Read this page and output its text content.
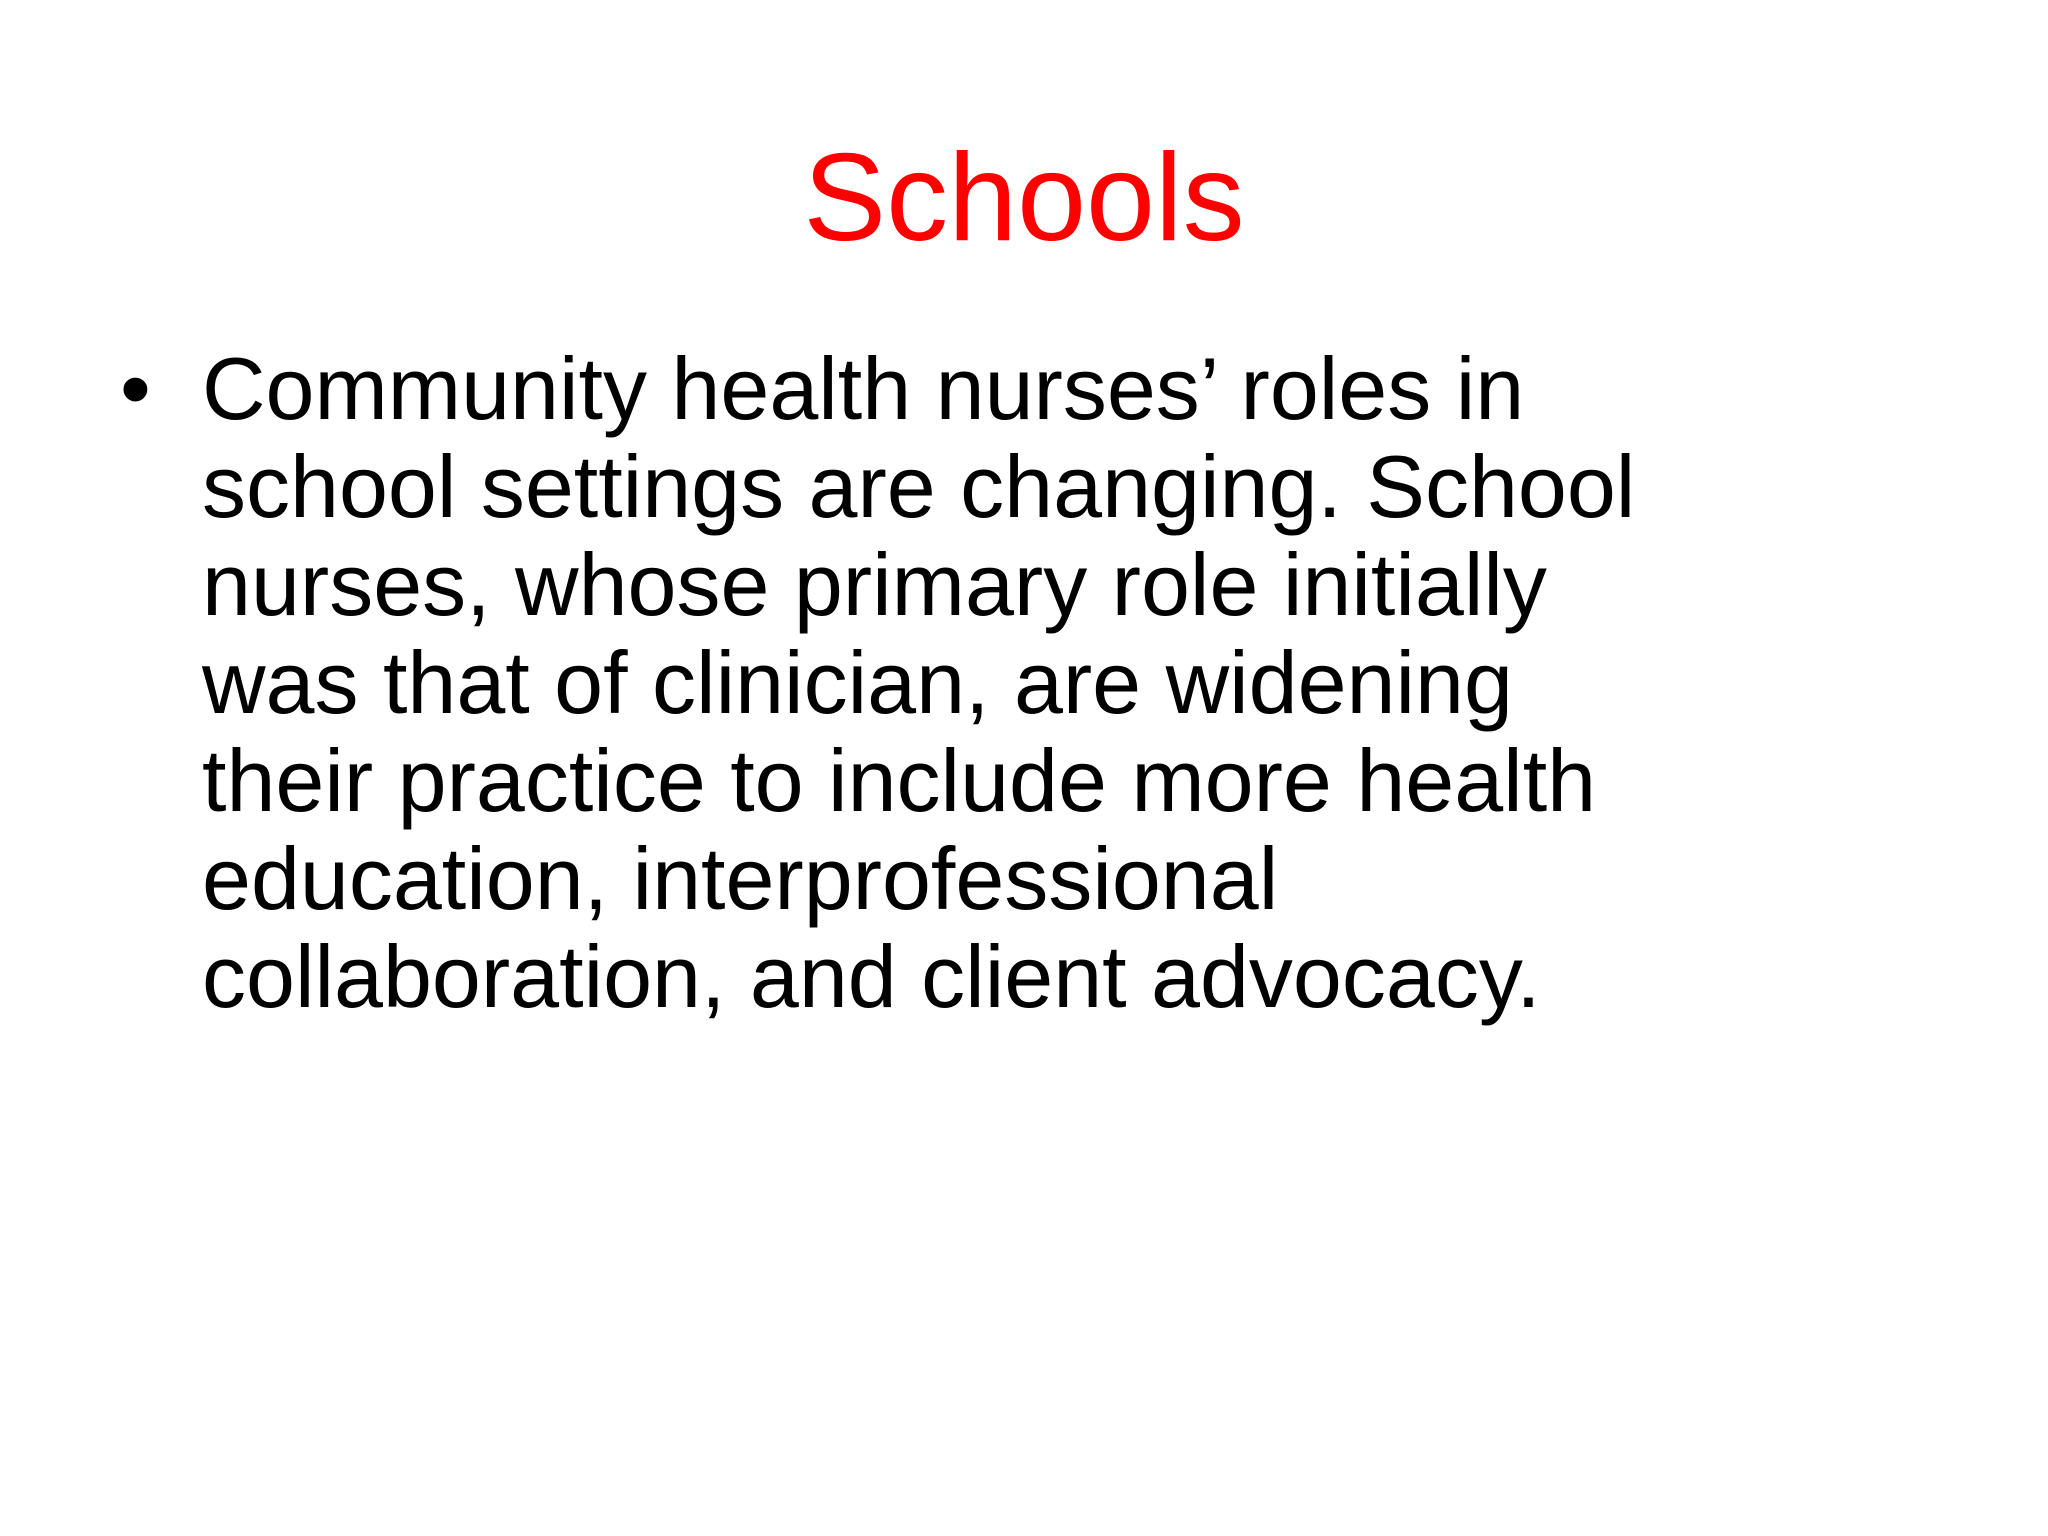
Schools
• Community health nurses’ roles in
school settings are changing. School
nurses, whose primary role initially
was that of clinician, are widening
their practice to include more health
education, interprofessional
collaboration, and client advocacy.
